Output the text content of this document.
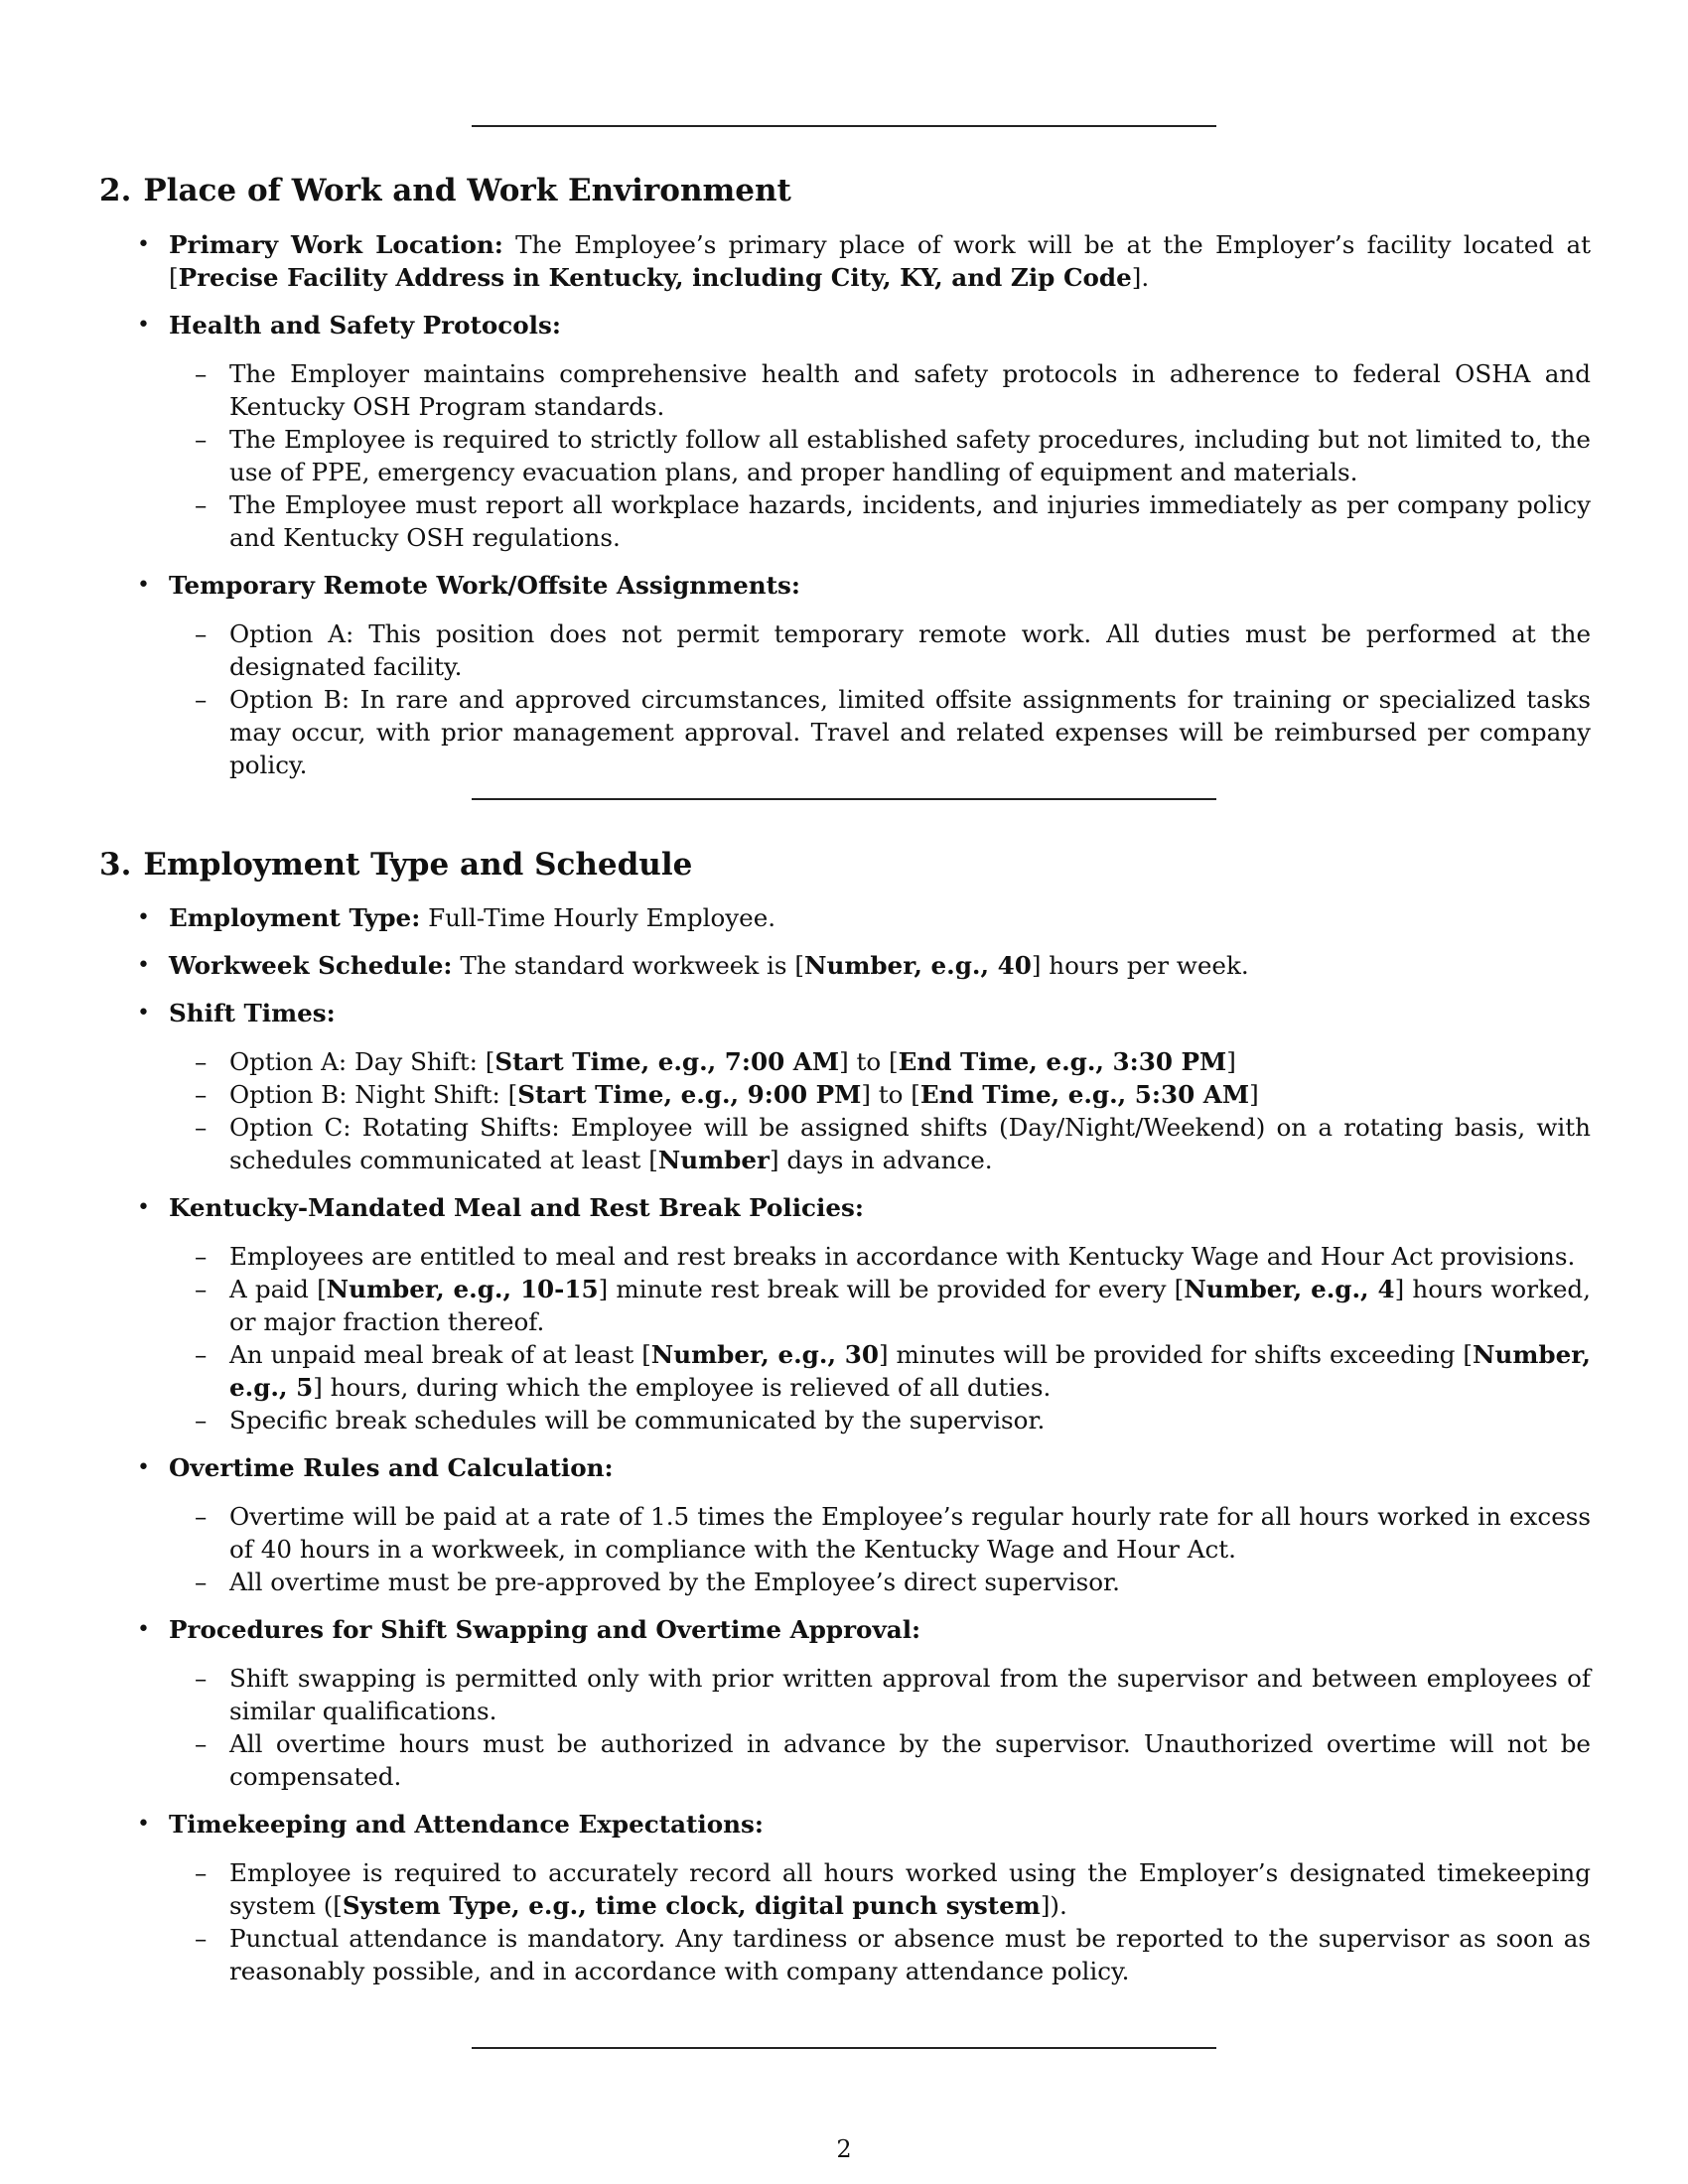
2. Place of Work and Work Environment
• Primary Work Location: The Employee’s primary place of work will be at the Employer’s facility located at [Precise Facility Address in Kentucky, including City, KY, and Zip Code].
• Health and Safety Protocols:
– The Employer maintains comprehensive health and safety protocols in adherence to federal OSHA and Kentucky OSH Program standards.
– The Employee is required to strictly follow all established safety procedures, including but not limited to, the use of PPE, emergency evacuation plans, and proper handling of equipment and materials.
– The Employee must report all workplace hazards, incidents, and injuries immediately as per company policy and Kentucky OSH regulations.
• Temporary Remote Work/Offsite Assignments:
– Option A: This position does not permit temporary remote work. All duties must be performed at the designated facility.
– Option B: In rare and approved circumstances, limited offsite assignments for training or specialized tasks may occur, with prior management approval. Travel and related expenses will be reimbursed per company policy.
3. Employment Type and Schedule
• Employment Type: Full-Time Hourly Employee.
• Workweek Schedule: The standard workweek is [Number, e.g., 40] hours per week.
• Shift Times:
– Option A: Day Shift: [Start Time, e.g., 7:00 AM] to [End Time, e.g., 3:30 PM]
– Option B: Night Shift: [Start Time, e.g., 9:00 PM] to [End Time, e.g., 5:30 AM]
– Option C: Rotating Shifts: Employee will be assigned shifts (Day/Night/Weekend) on a rotating basis, with schedules communicated at least [Number] days in advance.
• Kentucky-Mandated Meal and Rest Break Policies:
– Employees are entitled to meal and rest breaks in accordance with Kentucky Wage and Hour Act provisions.
– A paid [Number, e.g., 10-15] minute rest break will be provided for every [Number, e.g., 4] hours worked, or major fraction thereof.
– An unpaid meal break of at least [Number, e.g., 30] minutes will be provided for shifts exceeding [Number, e.g., 5] hours, during which the employee is relieved of all duties.
– Specific break schedules will be communicated by the supervisor.
• Overtime Rules and Calculation:
– Overtime will be paid at a rate of 1.5 times the Employee’s regular hourly rate for all hours worked in excess of 40 hours in a workweek, in compliance with the Kentucky Wage and Hour Act.
– All overtime must be pre-approved by the Employee’s direct supervisor.
• Procedures for Shift Swapping and Overtime Approval:
– Shift swapping is permitted only with prior written approval from the supervisor and between employees of similar qualifications.
– All overtime hours must be authorized in advance by the supervisor. Unauthorized overtime will not be compensated.
• Timekeeping and Attendance Expectations:
– Employee is required to accurately record all hours worked using the Employer’s designated timekeeping system ([System Type, e.g., time clock, digital punch system]).
– Punctual attendance is mandatory. Any tardiness or absence must be reported to the supervisor as soon as reasonably possible, and in accordance with company attendance policy.
2
